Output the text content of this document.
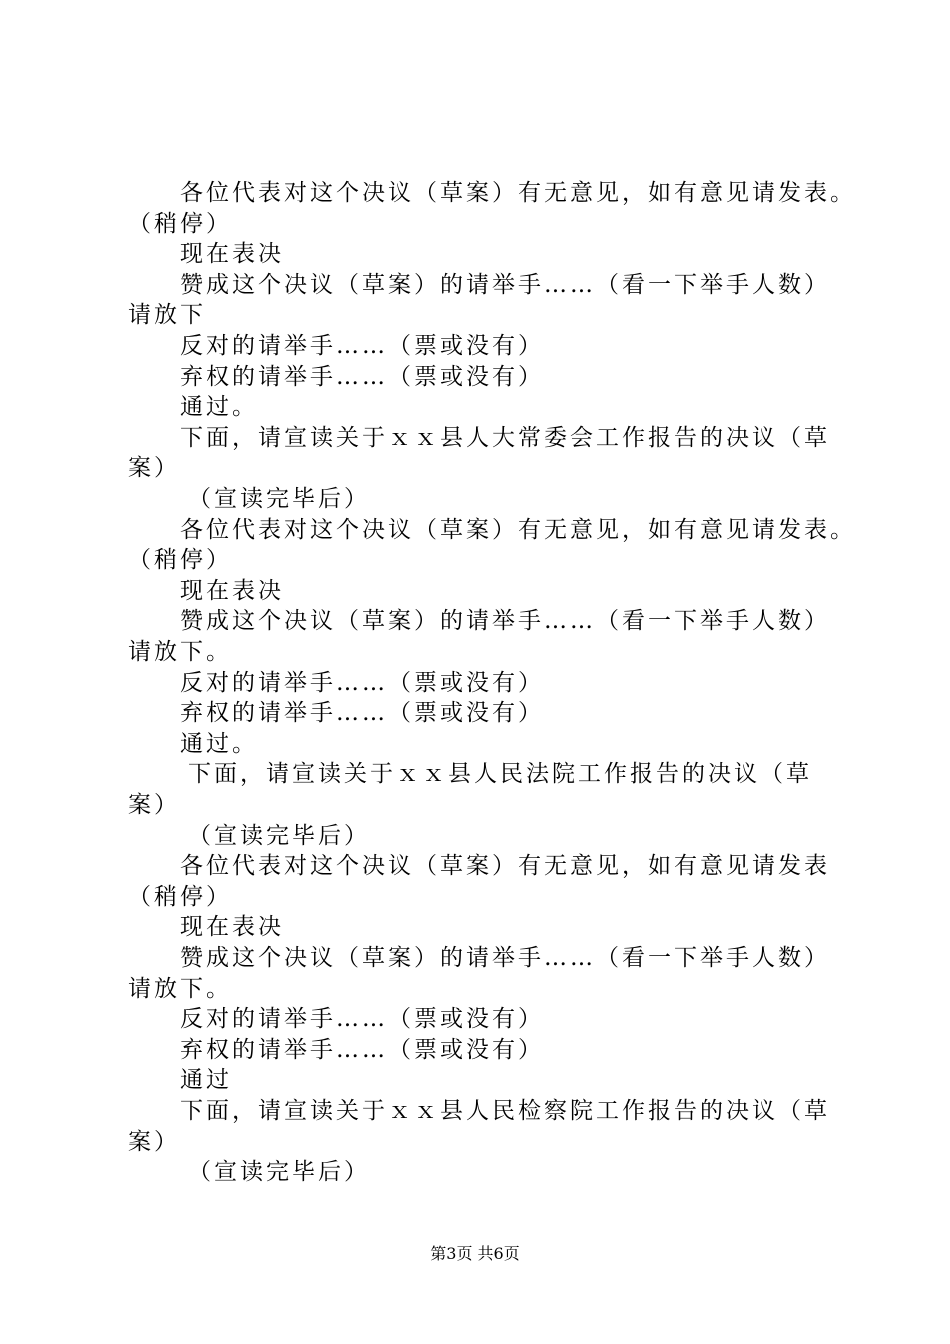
各位代表对这个决议（草案）有无意见，如有意见请发表。
（稍停）
现在表决
赞成这个决议（草案）的请举手……（看一下举手人数）
请放下
反对的请举手……（票或没有）
弃权的请举手……（票或没有）
通过。
下面，请宣读关于ｘｘ县人大常委会工作报告的决议（草
案）
（宣读完毕后）
各位代表对这个决议（草案）有无意见，如有意见请发表。
（稍停）
现在表决
赞成这个决议（草案）的请举手……（看一下举手人数）
请放下。
反对的请举手……（票或没有）
弃权的请举手……（票或没有）
通过。
下面，请宣读关于ｘｘ县人民法院工作报告的决议（草
案）
（宣读完毕后）
各位代表对这个决议（草案）有无意见，如有意见请发表
（稍停）
现在表决
赞成这个决议（草案）的请举手……（看一下举手人数）
请放下。
反对的请举手……（票或没有）
弃权的请举手……（票或没有）
通过
下面，请宣读关于ｘｘ县人民检察院工作报告的决议（草
案）
（宣读完毕后）
第3页 共6页
